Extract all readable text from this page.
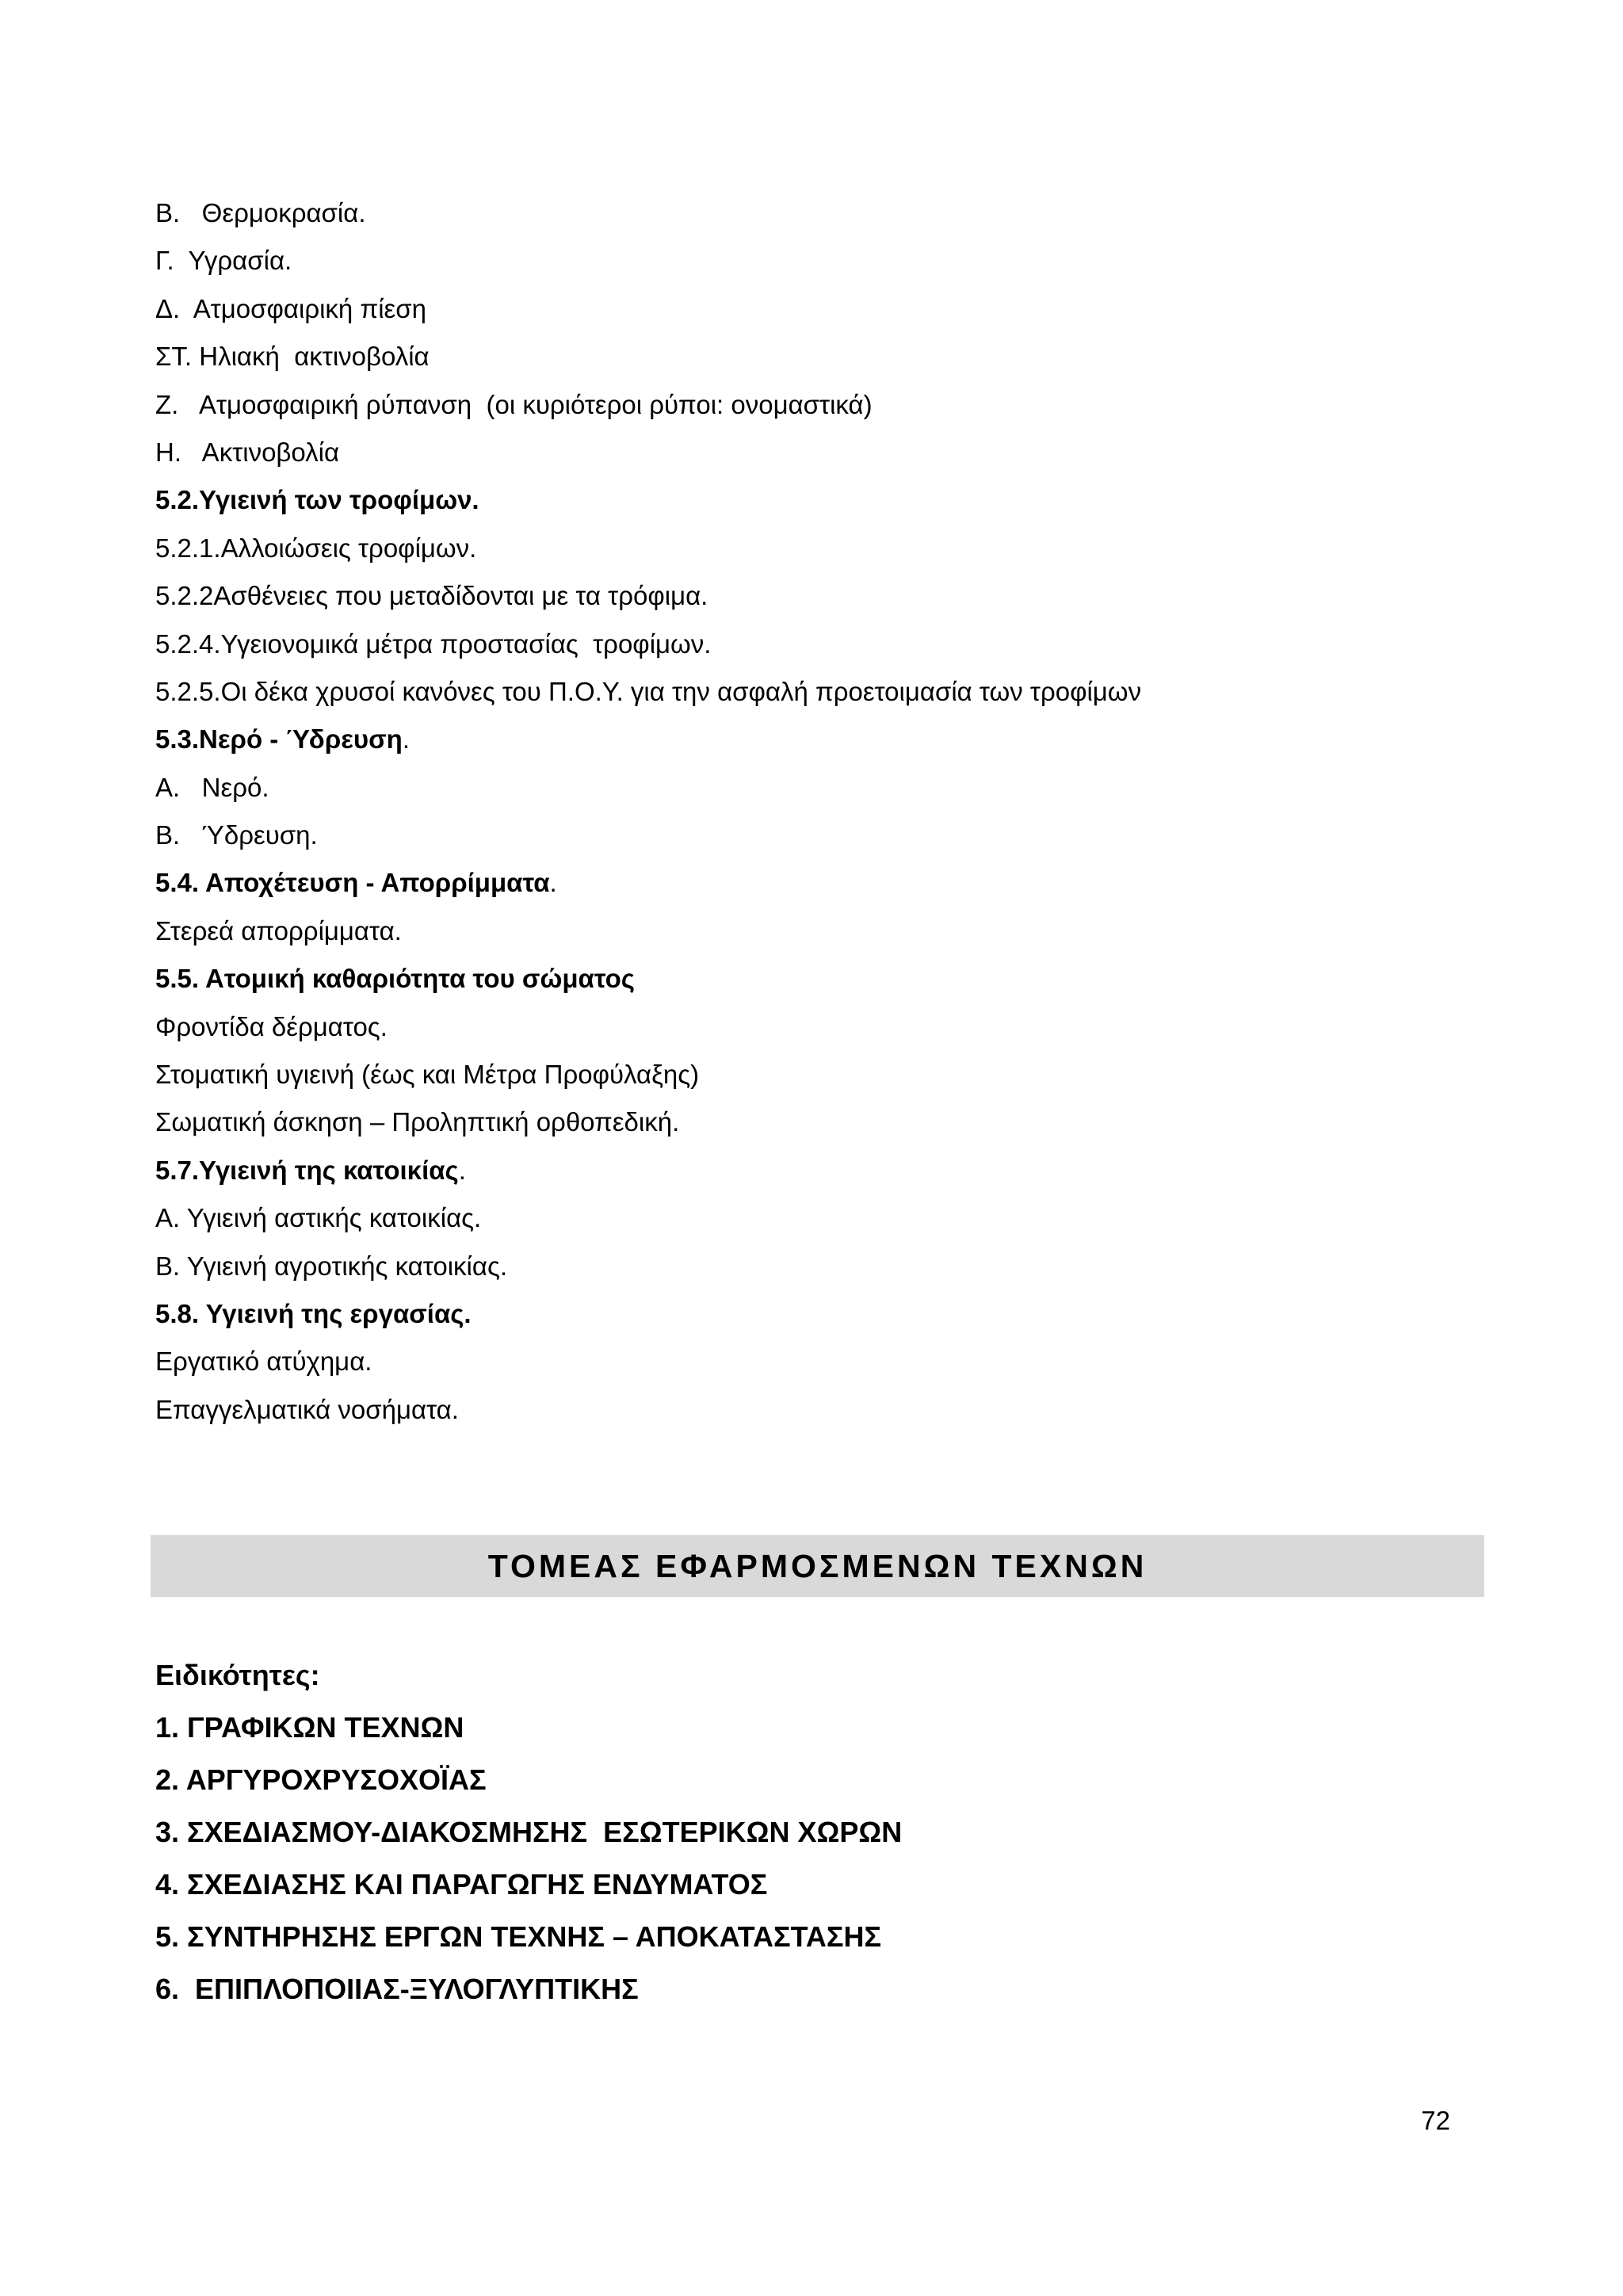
Β.   Θερμοκρασία.
Γ.  Υγρασία.
Δ.  Ατμοσφαιρική πίεση
ΣΤ. Ηλιακή  ακτινοβολία
Ζ.   Ατμοσφαιρική ρύπανση  (οι κυριότεροι ρύποι: ονομαστικά)
Η.   Ακτινοβολία
5.2.Υγιεινή των τροφίμων.
5.2.1.Αλλοιώσεις τροφίμων.
5.2.2Ασθένειες που μεταδίδονται με τα τρόφιμα.
5.2.4.Υγειονομικά μέτρα προστασίας  τροφίμων.
5.2.5.Οι δέκα χρυσοί κανόνες του Π.Ο.Υ. για την ασφαλή προετοιμασία των τροφίμων
5.3.Νερό - Ύδρευση.
Α.   Νερό.
Β.   Ύδρευση.
5.4. Αποχέτευση - Απορρίμματα.
Στερεά απορρίμματα.
5.5. Ατομική καθαριότητα του σώματος
Φροντίδα δέρματος.
Στοματική υγιεινή (έως και Μέτρα Προφύλαξης)
Σωματική άσκηση – Προληπτική ορθοπεδική.
5.7.Υγιεινή της κατοικίας.
Α. Υγιεινή αστικής κατοικίας.
Β. Υγιεινή αγροτικής κατοικίας.
5.8. Υγιεινή της εργασίας.
Εργατικό ατύχημα.
Επαγγελματικά νοσήματα.
ΤΟΜΕΑΣ ΕΦΑΡΜΟΣΜΕΝΩΝ ΤΕΧΝΩΝ
Ειδικότητες:
1. ΓΡΑΦΙΚΩΝ ΤΕΧΝΩΝ
2. ΑΡΓΥΡΟΧΡΥΣΟΧΟΪΑΣ
3. ΣΧΕΔΙΑΣΜΟΥ-ΔΙΑΚΟΣΜΗΣΗΣ  ΕΣΩΤΕΡΙΚΩΝ ΧΩΡΩΝ
4. ΣΧΕΔΙΑΣΗΣ ΚΑΙ ΠΑΡΑΓΩΓΗΣ ΕΝΔΥΜΑΤΟΣ
5. ΣΥΝΤΗΡΗΣΗΣ ΕΡΓΩΝ ΤΕΧΝΗΣ – ΑΠΟΚΑΤΑΣΤΑΣΗΣ
6.  ΕΠΙΠΛΟΠΟΙΙΑΣ-ΞΥΛΟΓΛΥΠΤΙΚΗΣ
72
